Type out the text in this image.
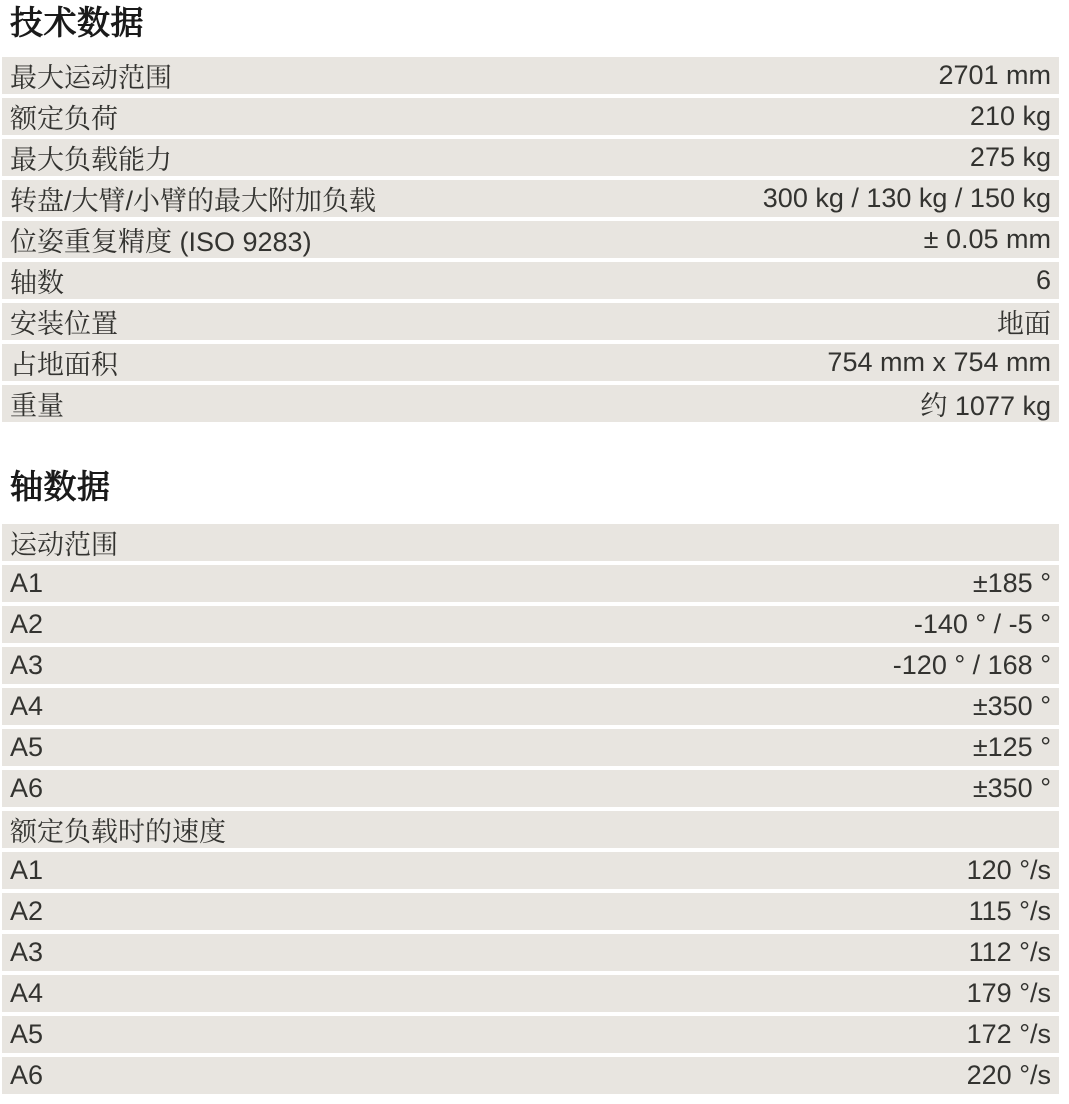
技术数据
最大运动范围	2701 mm
额定负荷	210 kg
最大负载能力	275 kg
转盘/大臂/小臂的最大附加负载	300 kg / 130 kg / 150 kg
位姿重复精度 (ISO 9283)	± 0.05 mm
轴数	6
安装位置	地面
占地面积	754 mm x 754 mm
重量	约 1077 kg
轴数据
运动范围
A1	±185 °
A2	-140 ° / -5 °
A3	-120 ° / 168 °
A4	±350 °
A5	±125 °
A6	±350 °
额定负载时的速度
A1	120 °/s
A2	115 °/s
A3	112 °/s
A4	179 °/s
A5	172 °/s
A6	220 °/s
